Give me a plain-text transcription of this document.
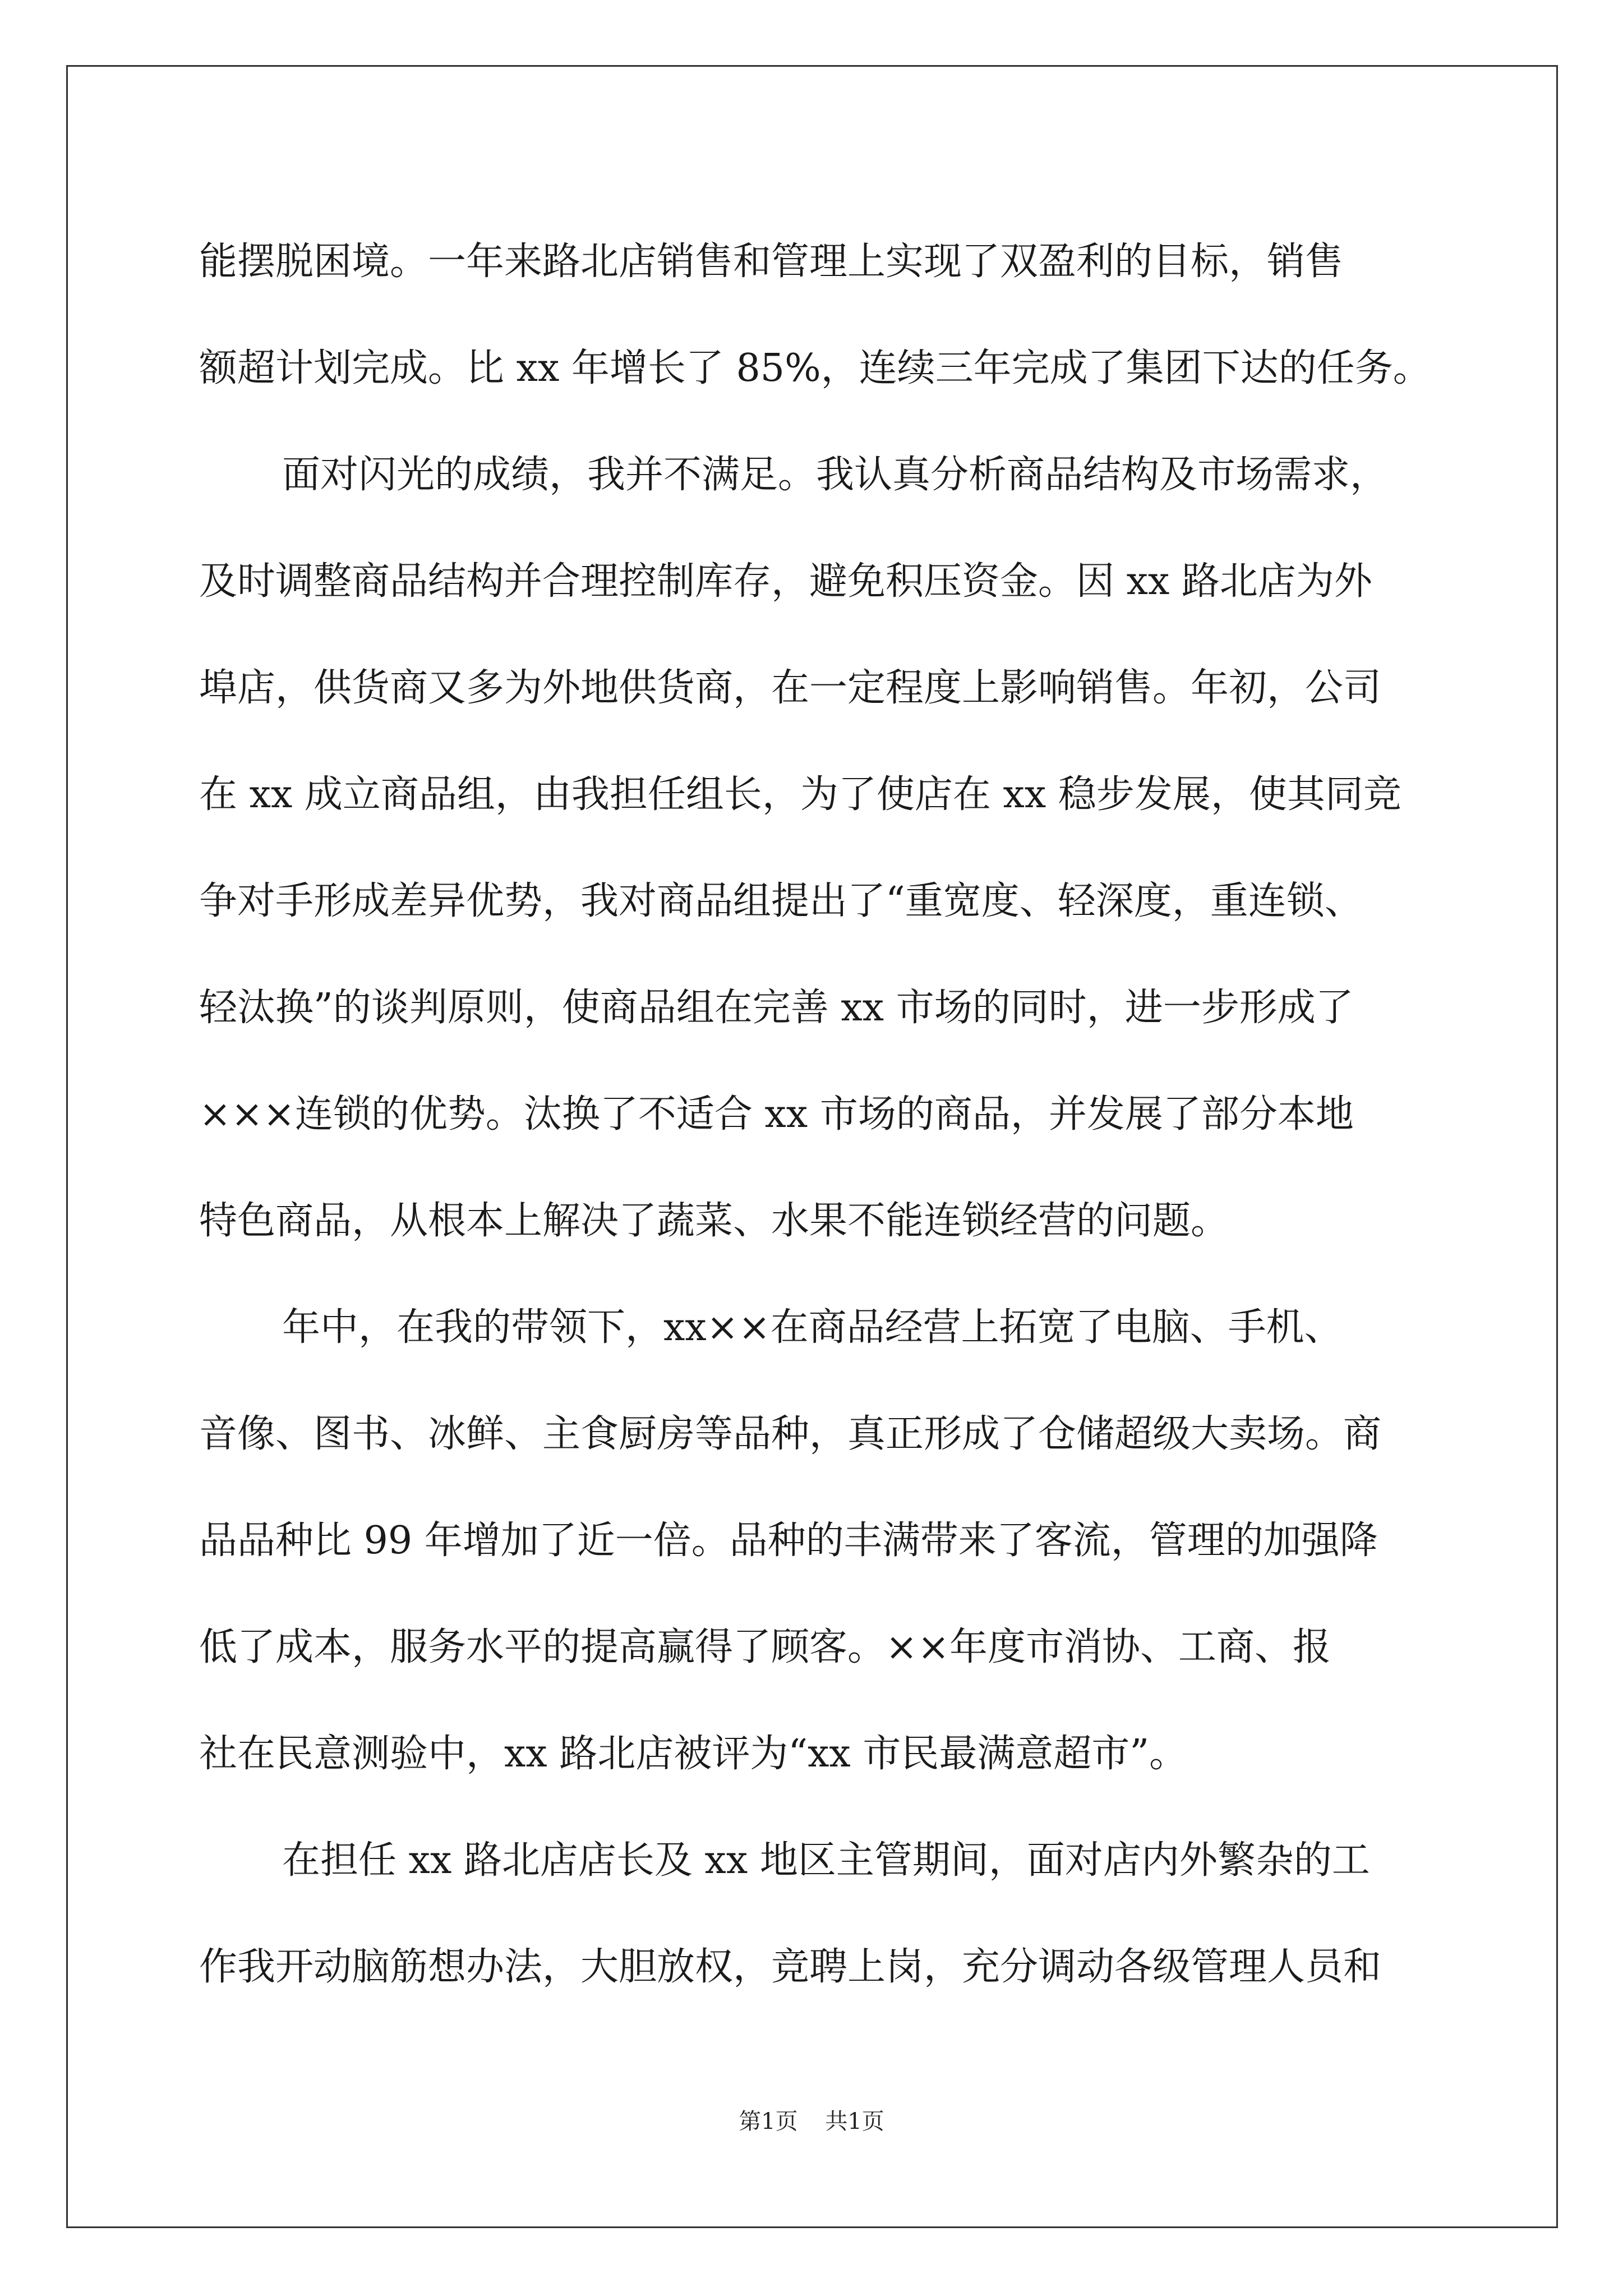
能摆脱困境。一年来路北店销售和管理上实现了双盈利的目标，销售
额超计划完成。比 xx 年增长了 85%，连续三年完成了集团下达的任务。
面对闪光的成绩，我并不满足。我认真分析商品结构及市场需求，
及时调整商品结构并合理控制库存，避免积压资金。因 xx 路北店为外
埠店，供货商又多为外地供货商，在一定程度上影响销售。年初，公司
在 xx 成立商品组，由我担任组长，为了使店在 xx 稳步发展，使其同竞
争对手形成差异优势，我对商品组提出了“重宽度、轻深度，重连锁、
轻汰换”的谈判原则，使商品组在完善 xx 市场的同时，进一步形成了
×××连锁的优势。汰换了不适合 xx 市场的商品，并发展了部分本地
特色商品，从根本上解决了蔬菜、水果不能连锁经营的问题。
年中，在我的带领下，xx××在商品经营上拓宽了电脑、手机、
音像、图书、冰鲜、主食厨房等品种，真正形成了仓储超级大卖场。商
品品种比 99 年增加了近一倍。品种的丰满带来了客流，管理的加强降
低了成本，服务水平的提高赢得了顾客。××年度市消协、工商、报
社在民意测验中，xx 路北店被评为“xx 市民最满意超市”。
在担任 xx 路北店店长及 xx 地区主管期间，面对店内外繁杂的工
作我开动脑筋想办法，大胆放权，竞聘上岗，充分调动各级管理人员和
第1页 共1页
